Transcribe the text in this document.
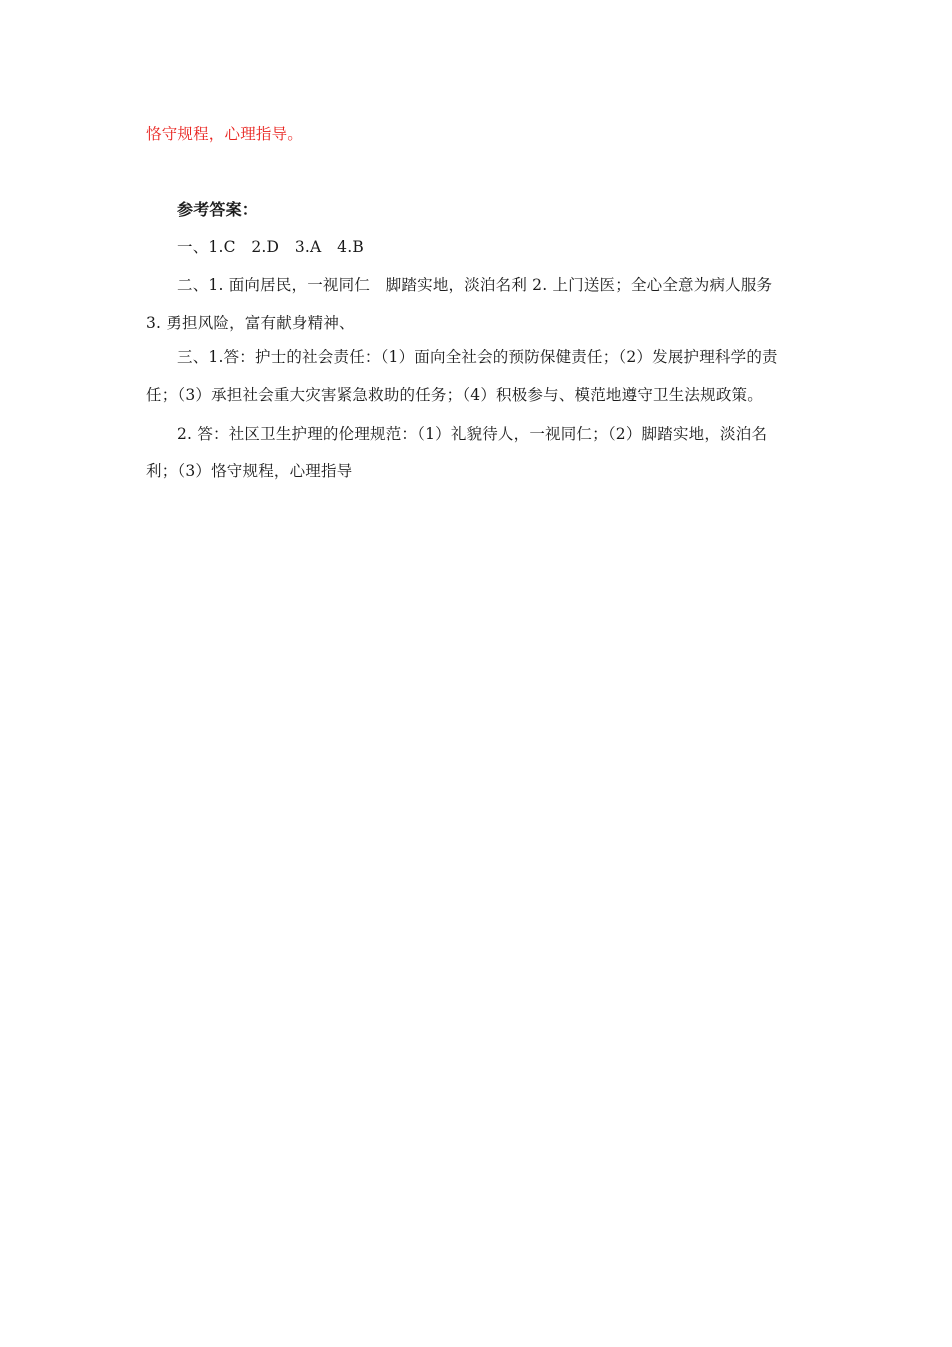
恪守规程，心理指导。
参考答案：
一、1.C　2.D　3.A　4.B
二、1. 面向居民，一视同仁　脚踏实地，淡泊名利 2. 上门送医；全心全意为病人服务
3. 勇担风险，富有献身精神、
三、1.答：护士的社会责任：（1）面向全社会的预防保健责任；（2）发展护理科学的责
任；（3）承担社会重大灾害紧急救助的任务；（4）积极参与、模范地遵守卫生法规政策。
2. 答：社区卫生护理的伦理规范：（1）礼貌待人，一视同仁；（2）脚踏实地，淡泊名
利；（3）恪守规程，心理指导
